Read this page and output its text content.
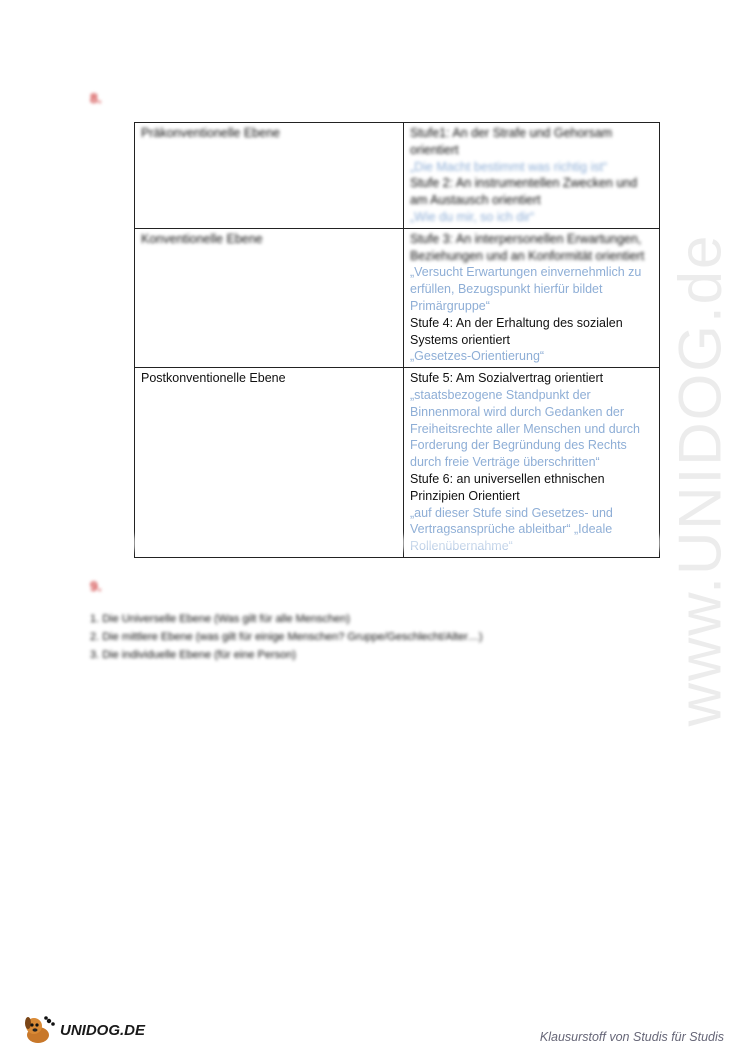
www.UNIDOG.de
8.
Präkonventionelle Ebene	Stufe1: An der Strafe und Gehorsam orientiert
„Die Macht bestimmt was richtig ist“
Stufe 2: An instrumentellen Zwecken und am Austausch orientiert
„Wie du mir, so ich dir“

Konventionelle Ebene	Stufe 3: An interpersonellen Erwartungen, Beziehungen und an Konformität orientiert
„Versucht Erwartungen einvernehmlich zu erfüllen, Bezugspunkt hierfür bildet Primärgruppe“
Stufe 4: An der Erhaltung des sozialen Systems orientiert
„Gesetzes-Orientierung“

Postkonventionelle Ebene	Stufe 5: Am Sozialvertrag orientiert
„staatsbezogene Standpunkt der Binnenmoral wird durch Gedanken der Freiheitsrechte aller Menschen und durch Forderung der Begründung des Rechts durch freie Verträge überschritten“
Stufe 6: an universellen ethnischen Prinzipien Orientiert
„auf dieser Stufe sind Gesetzes- und Vertragsansprüche ableitbar“ „Ideale
9.
1. Die Universelle Ebene (Was gilt für alle Menschen)
2. Die mittlere Ebene (was gilt für einige Menschen? Gruppe/Geschlecht/Alter…)
3. Die individuelle Ebene (für eine Person)
UNIDOG.DE	Klausurstoff von Studis für Studis
